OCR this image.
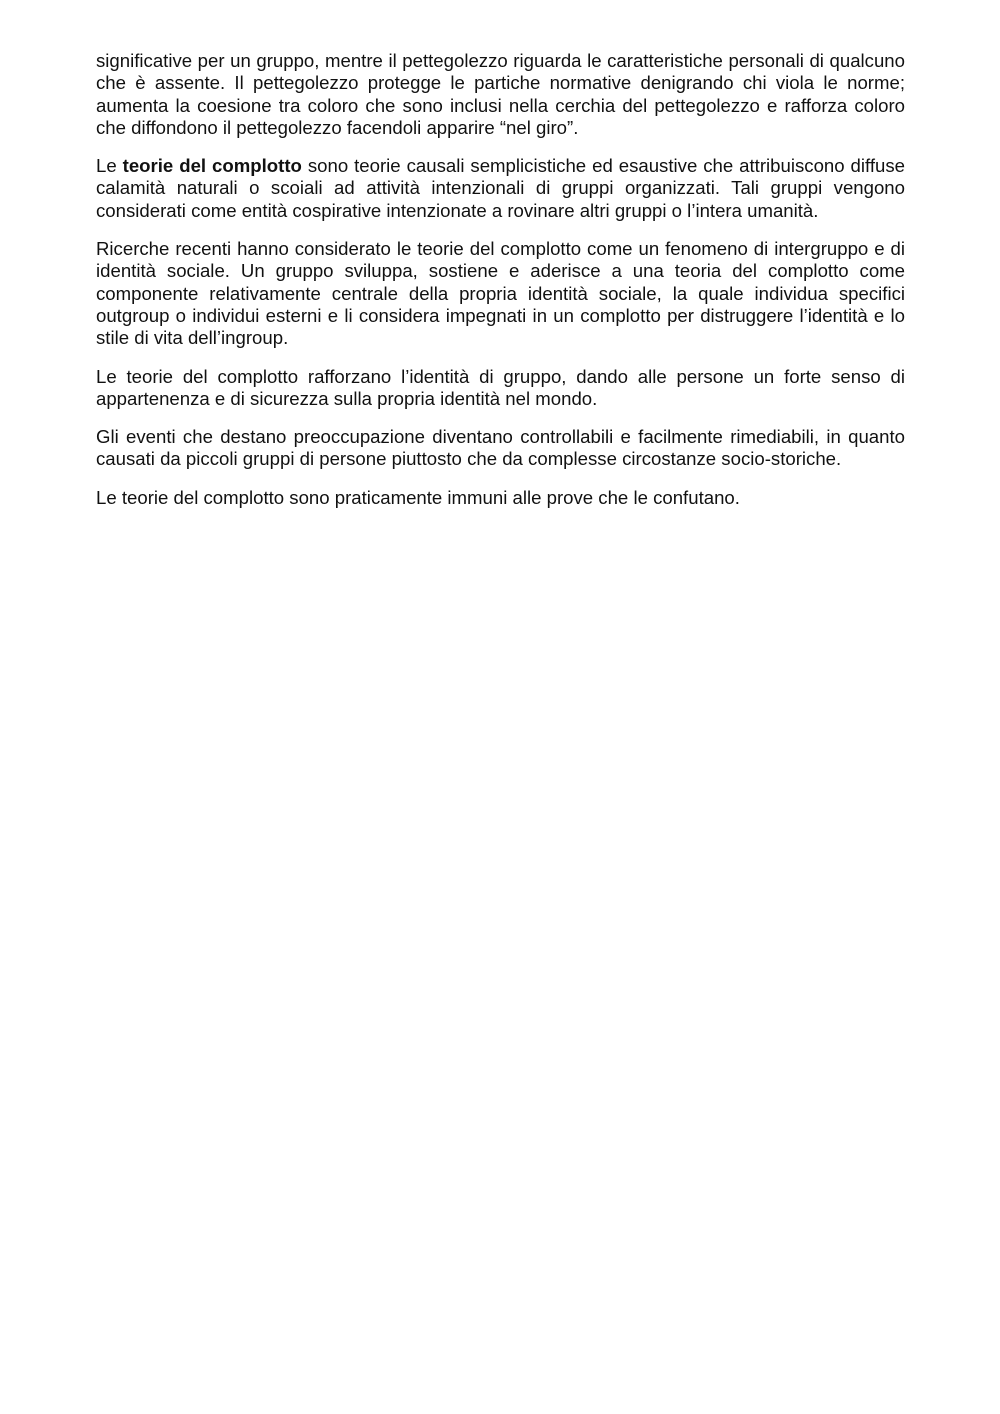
significative per un gruppo, mentre il pettegolezzo riguarda le caratteristiche personali di qualcuno che è assente. Il pettegolezzo protegge le partiche normative denigrando chi viola le norme; aumenta la coesione tra coloro che sono inclusi nella cerchia del pettegolezzo e rafforza coloro che diffondono il pettegolezzo facendoli apparire “nel giro”.

Le teorie del complotto sono teorie causali semplicistiche ed esaustive che attribuiscono diffuse calamità naturali o scoiali ad attività intenzionali di gruppi organizzati. Tali gruppi vengono considerati come entità cospirative intenzionate a rovinare altri gruppi o l’intera umanità.

Ricerche recenti hanno considerato le teorie del complotto come un fenomeno di intergruppo e di identità sociale. Un gruppo sviluppa, sostiene e aderisce a una teoria del complotto come componente relativamente centrale della propria identità sociale, la quale individua specifici outgroup o individui esterni e li considera impegnati in un complotto per distruggere l’identità e lo stile di vita dell’ingroup.

Le teorie del complotto rafforzano l’identità di gruppo, dando alle persone un forte senso di appartenenza e di sicurezza sulla propria identità nel mondo.

Gli eventi che destano preoccupazione diventano controllabili e facilmente rimediabili, in quanto causati da piccoli gruppi di persone piuttosto che da complesse circostanze socio-storiche.

Le teorie del complotto sono praticamente immuni alle prove che le confutano.
